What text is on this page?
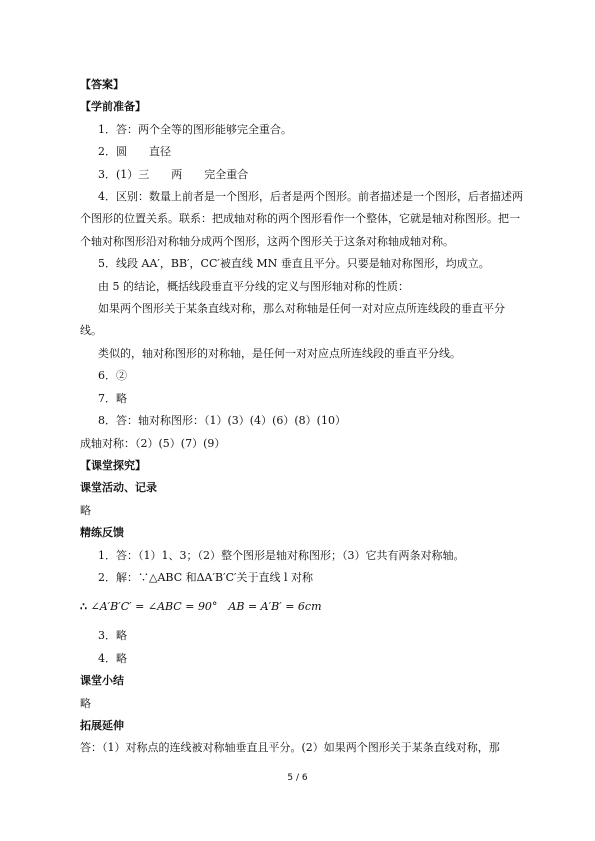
【答案】
【学前准备】
1．答：两个全等的图形能够完全重合。
2．圆　　直径
3．(1）三　　两　　完全重合
4．区别：数量上前者是一个图形，后者是两个图形。前者描述是一个图形，后者描述两
个图形的位置关系。联系：把成轴对称的两个图形看作一个整体，它就是轴对称图形。把一
个轴对称图形沿对称轴分成两个图形，这两个图形关于这条对称轴成轴对称。
5．线段 AA′，BB′，CC′被直线 MN 垂直且平分。只要是轴对称图形，均成立。
由 5 的结论，概括线段垂直平分线的定义与图形轴对称的性质：
如果两个图形关于某条直线对称，那么对称轴是任何一对对应点所连线段的垂直平分
线。
类似的，轴对称图形的对称轴，是任何一对对应点所连线段的垂直平分线。
6．②
7．略
8．答：轴对称图形：（1）(3）(4）(6）(8）(10）
成轴对称：（2）(5）(7）(9）
【课堂探究】
课堂活动、记录
略
精练反馈
1．答：（1）1、3；（2）整个图形是轴对称图形；（3）它共有两条对称轴。
2．解：∵△ABC 和ΔA′B′C′关于直线 l 对称
∴ ∠A′B′C′ = ∠ABC = 90°　AB = A′B′ = 6cm
3．略
4．略
课堂小结
略
拓展延伸
答：（1）对称点的连线被对称轴垂直且平分。(2）如果两个图形关于某条直线对称，那
5 / 6
